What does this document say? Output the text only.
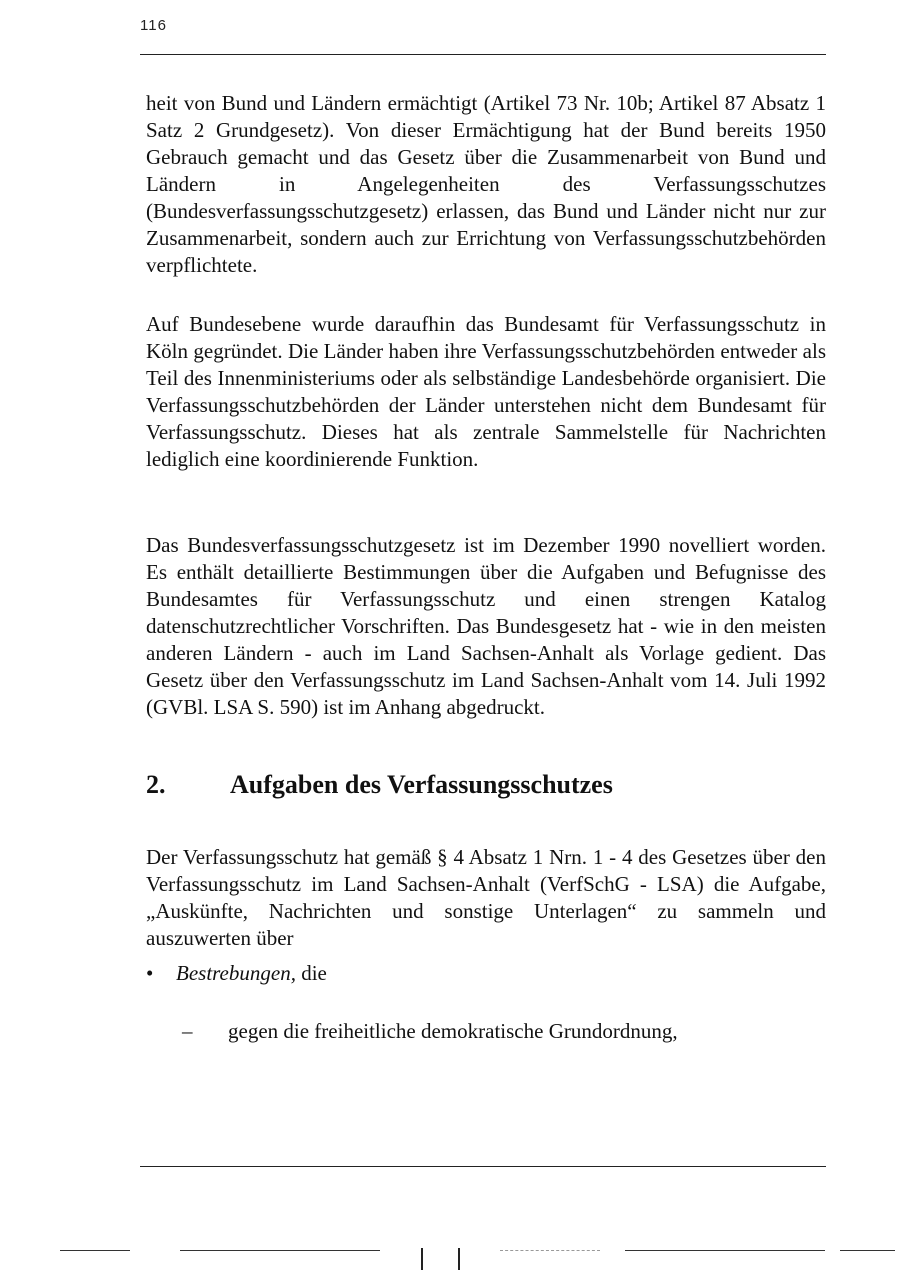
116

heit von Bund und Ländern ermächtigt (Artikel 73 Nr. 10b; Artikel 87 Absatz 1 Satz 2 Grundgesetz). Von dieser Ermächtigung hat der Bund bereits 1950 Gebrauch gemacht und das Gesetz über die Zusammenarbeit von Bund und Ländern in Angelegenheiten des Verfassungsschutzes (Bundesverfassungsschutzgesetz) erlassen, das Bund und Länder nicht nur zur Zusammenarbeit, sondern auch zur Errichtung von Verfassungsschutzbehörden verpflichtete.

Auf Bundesebene wurde daraufhin das Bundesamt für Verfassungsschutz in Köln gegründet. Die Länder haben ihre Verfassungsschutzbehörden entweder als Teil des Innenministeriums oder als selbständige Landesbehörde organisiert. Die Verfassungsschutzbehörden der Länder unterstehen nicht dem Bundesamt für Verfassungsschutz. Dieses hat als zentrale Sammelstelle für Nachrichten lediglich eine koordinierende Funktion.

Das Bundesverfassungsschutzgesetz ist im Dezember 1990 novelliert worden. Es enthält detaillierte Bestimmungen über die Aufgaben und Befugnisse des Bundesamtes für Verfassungsschutz und einen strengen Katalog datenschutzrechtlicher Vorschriften. Das Bundesgesetz hat - wie in den meisten anderen Ländern - auch im Land Sachsen-Anhalt als Vorlage gedient. Das Gesetz über den Verfassungsschutz im Land Sachsen-Anhalt vom 14. Juli 1992 (GVBl. LSA S. 590) ist im Anhang abgedruckt.

2. Aufgaben des Verfassungsschutzes

Der Verfassungsschutz hat gemäß § 4 Absatz 1 Nrn. 1 - 4 des Gesetzes über den Verfassungsschutz im Land Sachsen-Anhalt (VerfSchG - LSA) die Aufgabe, „Auskünfte, Nachrichten und sonstige Unterlagen“ zu sammeln und auszuwerten über

• Bestrebungen, die
– gegen die freiheitliche demokratische Grundordnung,
